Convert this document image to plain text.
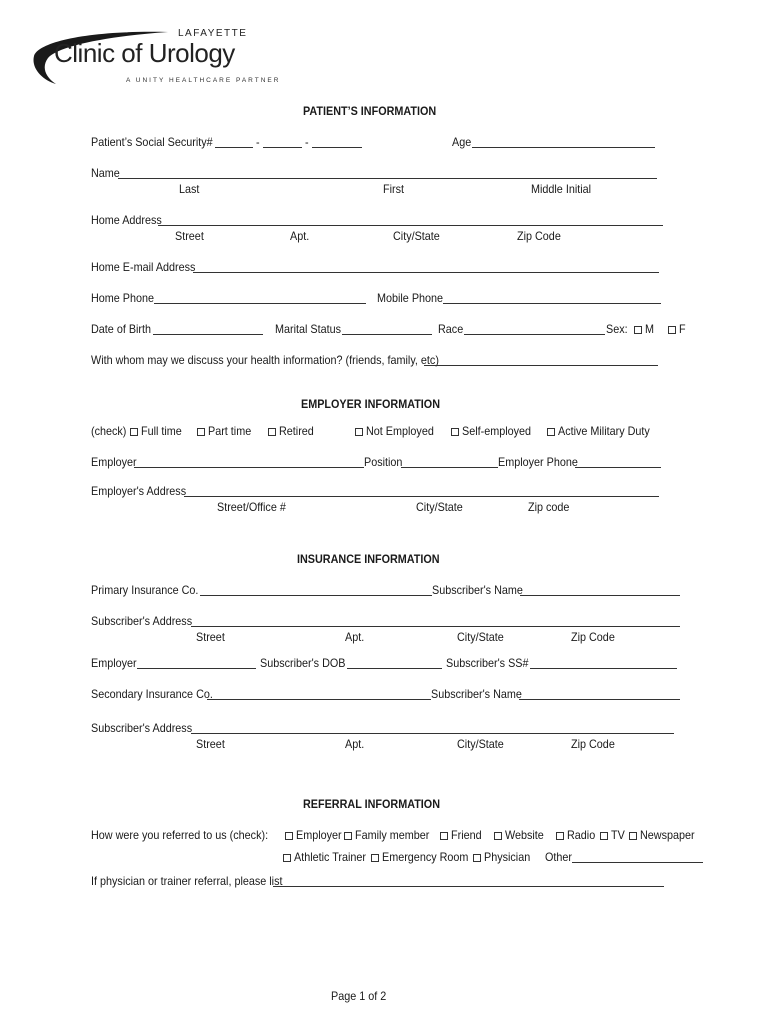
LAFAYETTE
Clinic of Urology
A UNITY HEALTHCARE PARTNER
PATIENT’S INFORMATION
Patient’s Social Security#	-	-	Age
Name
Last	First	Middle Initial
Home Address
Street	Apt.	City/State	Zip Code
Home E-mail Address
Home Phone	Mobile Phone
Date of Birth	Marital Status	Race	Sex: M F
With whom may we discuss your health information? (friends, family, etc)
EMPLOYER INFORMATION
(check) Full time Part time Retired	Not Employed Self-employed Active Military Duty
Employer	Position	Employer Phone
Employer's Address
Street/Office #	City/State	Zip code
INSURANCE INFORMATION
Primary Insurance Co.	Subscriber's Name
Subscriber's Address
Street	Apt.	City/State	Zip Code
Employer	Subscriber's DOB	Subscriber's SS#
Secondary Insurance Co.	Subscriber's Name
Subscriber's Address
Street	Apt.	City/State	Zip Code
REFERRAL INFORMATION
How were you referred to us (check): Employer Family member Friend Website Radio TV Newspaper
Athletic Trainer Emergency Room Physician Other
If physician or trainer referral, please list
Page 1 of 2
